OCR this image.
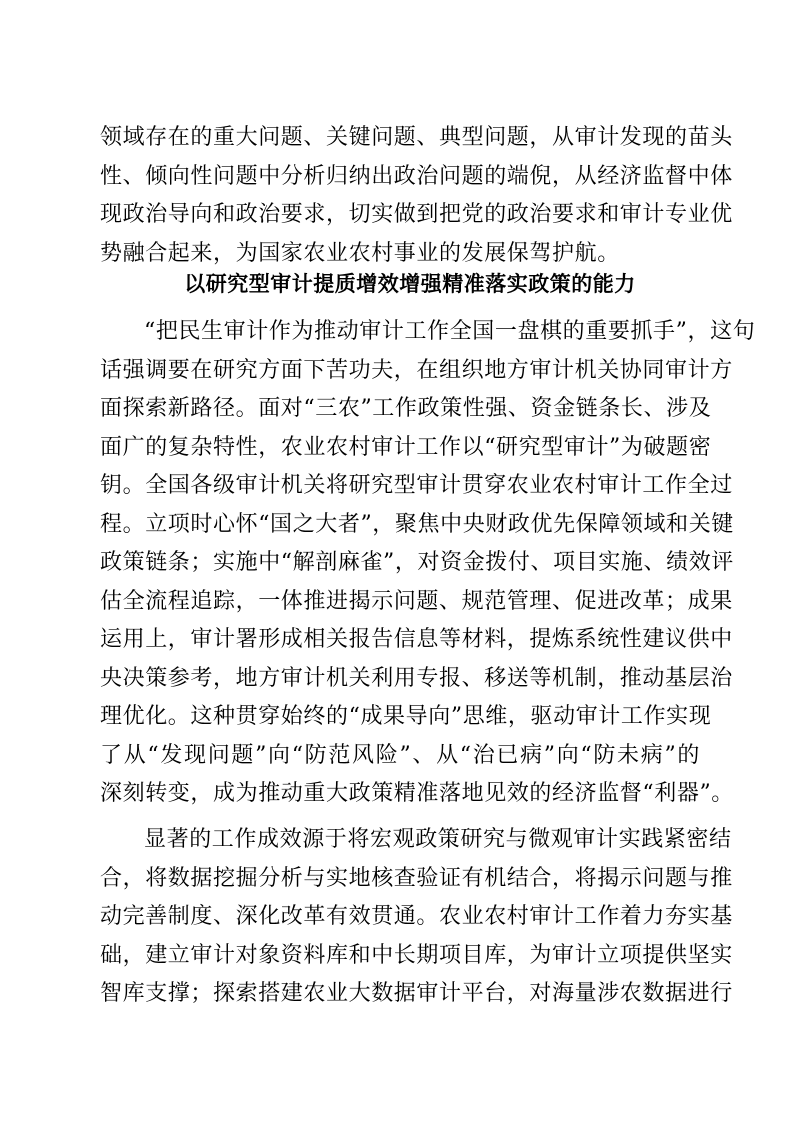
领域存在的重大问题、关键问题、典型问题，从审计发现的苗头
性、倾向性问题中分析归纳出政治问题的端倪，从经济监督中体
现政治导向和政治要求，切实做到把党的政治要求和审计专业优
势融合起来，为国家农业农村事业的发展保驾护航。
以研究型审计提质增效增强精准落实政策的能力
“把民生审计作为推动审计工作全国一盘棋的重要抓手”，这句
话强调要在研究方面下苦功夫，在组织地方审计机关协同审计方
面探索新路径。面对“三农”工作政策性强、资金链条长、涉及
面广的复杂特性，农业农村审计工作以“研究型审计”为破题密
钥。全国各级审计机关将研究型审计贯穿农业农村审计工作全过
程。立项时心怀“国之大者”，聚焦中央财政优先保障领域和关键
政策链条；实施中“解剖麻雀”，对资金拨付、项目实施、绩效评
估全流程追踪，一体推进揭示问题、规范管理、促进改革；成果
运用上，审计署形成相关报告信息等材料，提炼系统性建议供中
央决策参考，地方审计机关利用专报、移送等机制，推动基层治
理优化。这种贯穿始终的“成果导向”思维，驱动审计工作实现
了从“发现问题”向“防范风险”、从“治已病”向“防未病”的
深刻转变，成为推动重大政策精准落地见效的经济监督“利器”。
显著的工作成效源于将宏观政策研究与微观审计实践紧密结
合，将数据挖掘分析与实地核查验证有机结合，将揭示问题与推
动完善制度、深化改革有效贯通。农业农村审计工作着力夯实基
础，建立审计对象资料库和中长期项目库，为审计立项提供坚实
智库支撑；探索搭建农业大数据审计平台，对海量涉农数据进行
